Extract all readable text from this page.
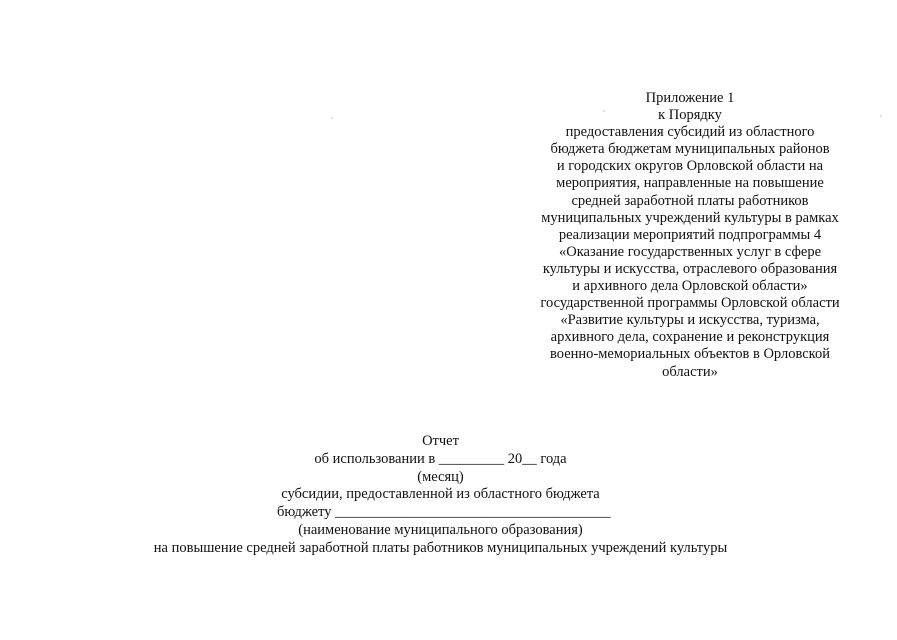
Приложение 1
к Порядку
предоставления субсидий из областного
бюджета бюджетам муниципальных районов
и городских округов Орловской области на
мероприятия, направленные на повышение
средней заработной платы работников
муниципальных учреждений культуры в рамках
реализации мероприятий подпрограммы 4
«Оказание государственных услуг в сфере
культуры и искусства, отраслевого образования
и архивного дела Орловской области»
государственной программы Орловской области
«Развитие культуры и искусства, туризма,
архивного дела, сохранение и реконструкция
военно-мемориальных объектов в Орловской
области»
Отчет
об использовании в _________ 20__ года
(месяц)
субсидии, предоставленной из областного бюджета
бюджету ______________________________________
(наименование муниципального образования)
на повышение средней заработной платы работников муниципальных учреждений культуры
